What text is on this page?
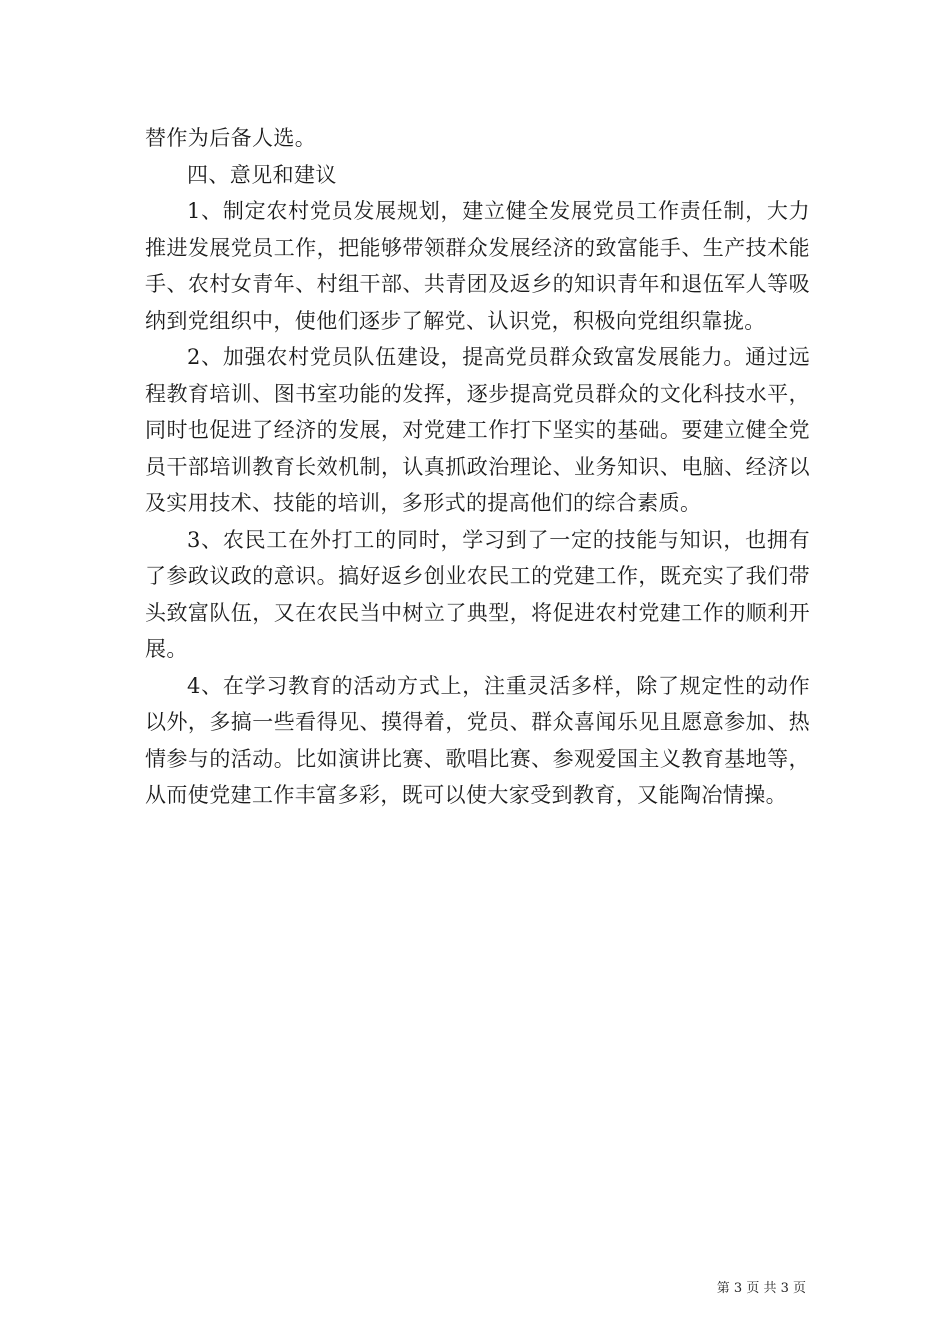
替作为后备人选。

四、意见和建议

1、制定农村党员发展规划，建立健全发展党员工作责任制，大力推进发展党员工作，把能够带领群众发展经济的致富能手、生产技术能手、农村女青年、村组干部、共青团及返乡的知识青年和退伍军人等吸纳到党组织中，使他们逐步了解党、认识党，积极向党组织靠拢。

2、加强农村党员队伍建设，提高党员群众致富发展能力。通过远程教育培训、图书室功能的发挥，逐步提高党员群众的文化科技水平，同时也促进了经济的发展，对党建工作打下坚实的基础。要建立健全党员干部培训教育长效机制，认真抓政治理论、业务知识、电脑、经济以及实用技术、技能的培训，多形式的提高他们的综合素质。

3、农民工在外打工的同时，学习到了一定的技能与知识，也拥有了参政议政的意识。搞好返乡创业农民工的党建工作，既充实了我们带头致富队伍，又在农民当中树立了典型，将促进农村党建工作的顺利开展。

4、在学习教育的活动方式上，注重灵活多样，除了规定性的动作以外，多搞一些看得见、摸得着，党员、群众喜闻乐见且愿意参加、热情参与的活动。比如演讲比赛、歌唱比赛、参观爱国主义教育基地等，从而使党建工作丰富多彩，既可以使大家受到教育，又能陶冶情操。

第 3 页 共 3 页
